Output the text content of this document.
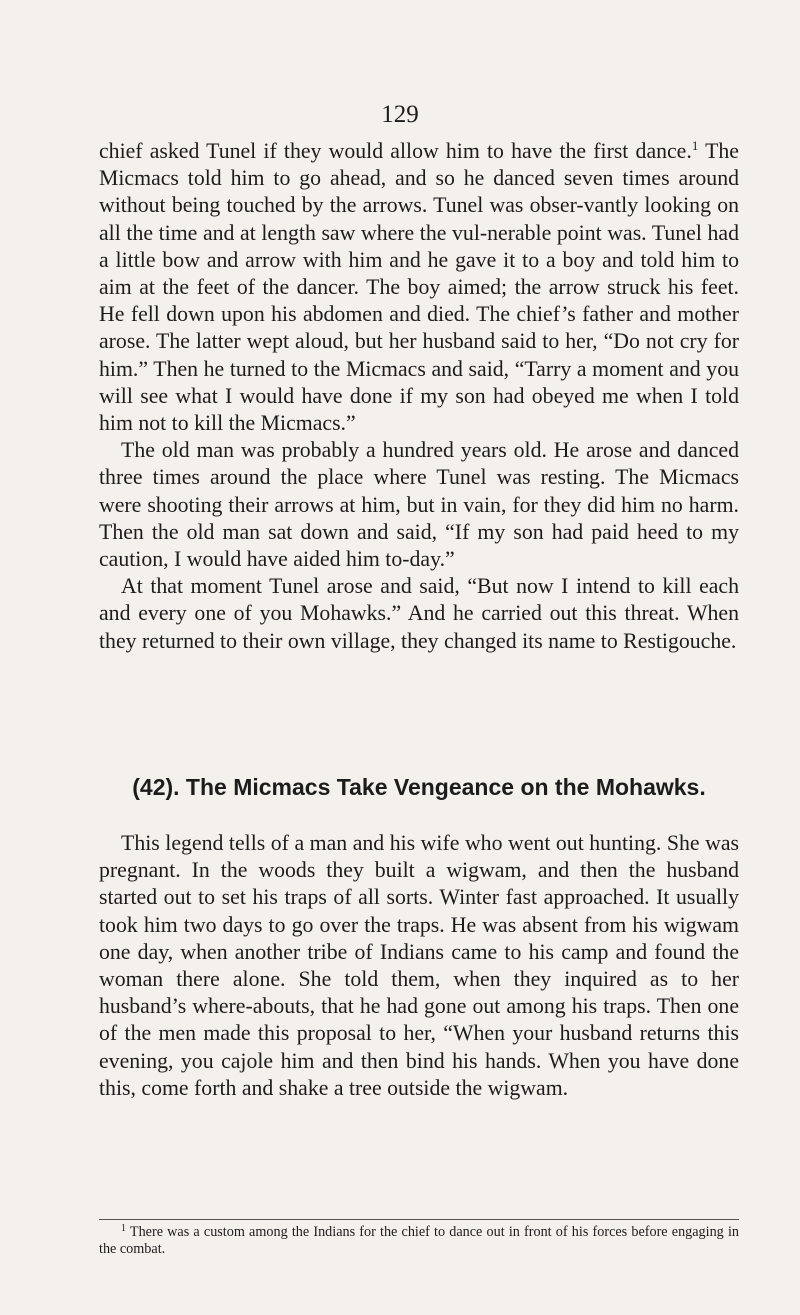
129

chief asked Tunel if they would allow him to have the first dance.$^1$ The Micmacs told him to go ahead, and so he danced seven times around without being touched by the arrows. Tunel was obser-vantly looking on all the time and at length saw where the vul-nerable point was. Tunel had a little bow and arrow with him and he gave it to a boy and told him to aim at the feet of the dancer. The boy aimed; the arrow struck his feet. He fell down upon his abdomen and died. The chief’s father and mother arose. The latter wept aloud, but her husband said to her, “Do not cry for him.” Then he turned to the Micmacs and said, “Tarry a moment and you will see what I would have done if my son had obeyed me when I told him not to kill the Micmacs.”

The old man was probably a hundred years old. He arose and danced three times around the place where Tunel was resting. The Micmacs were shooting their arrows at him, but in vain, for they did him no harm. Then the old man sat down and said, “If my son had paid heed to my caution, I would have aided him to-day.”

At that moment Tunel arose and said, “But now I intend to kill each and every one of you Mohawks.” And he carried out this threat. When they returned to their own village, they changed its name to Restigouche.

(42). The Micmacs Take Vengeance on the Mohawks.

This legend tells of a man and his wife who went out hunting. She was pregnant. In the woods they built a wigwam, and then the husband started out to set his traps of all sorts. Winter fast approached. It usually took him two days to go over the traps. He was absent from his wigwam one day, when another tribe of Indians came to his camp and found the woman there alone. She told them, when they inquired as to her husband’s where-abouts, that he had gone out among his traps. Then one of the men made this proposal to her, “When your husband returns this evening, you cajole him and then bind his hands. When you have done this, come forth and shake a tree outside the wigwam.

$^1$ There was a custom among the Indians for the chief to dance out in front of his forces before engaging in the combat.
